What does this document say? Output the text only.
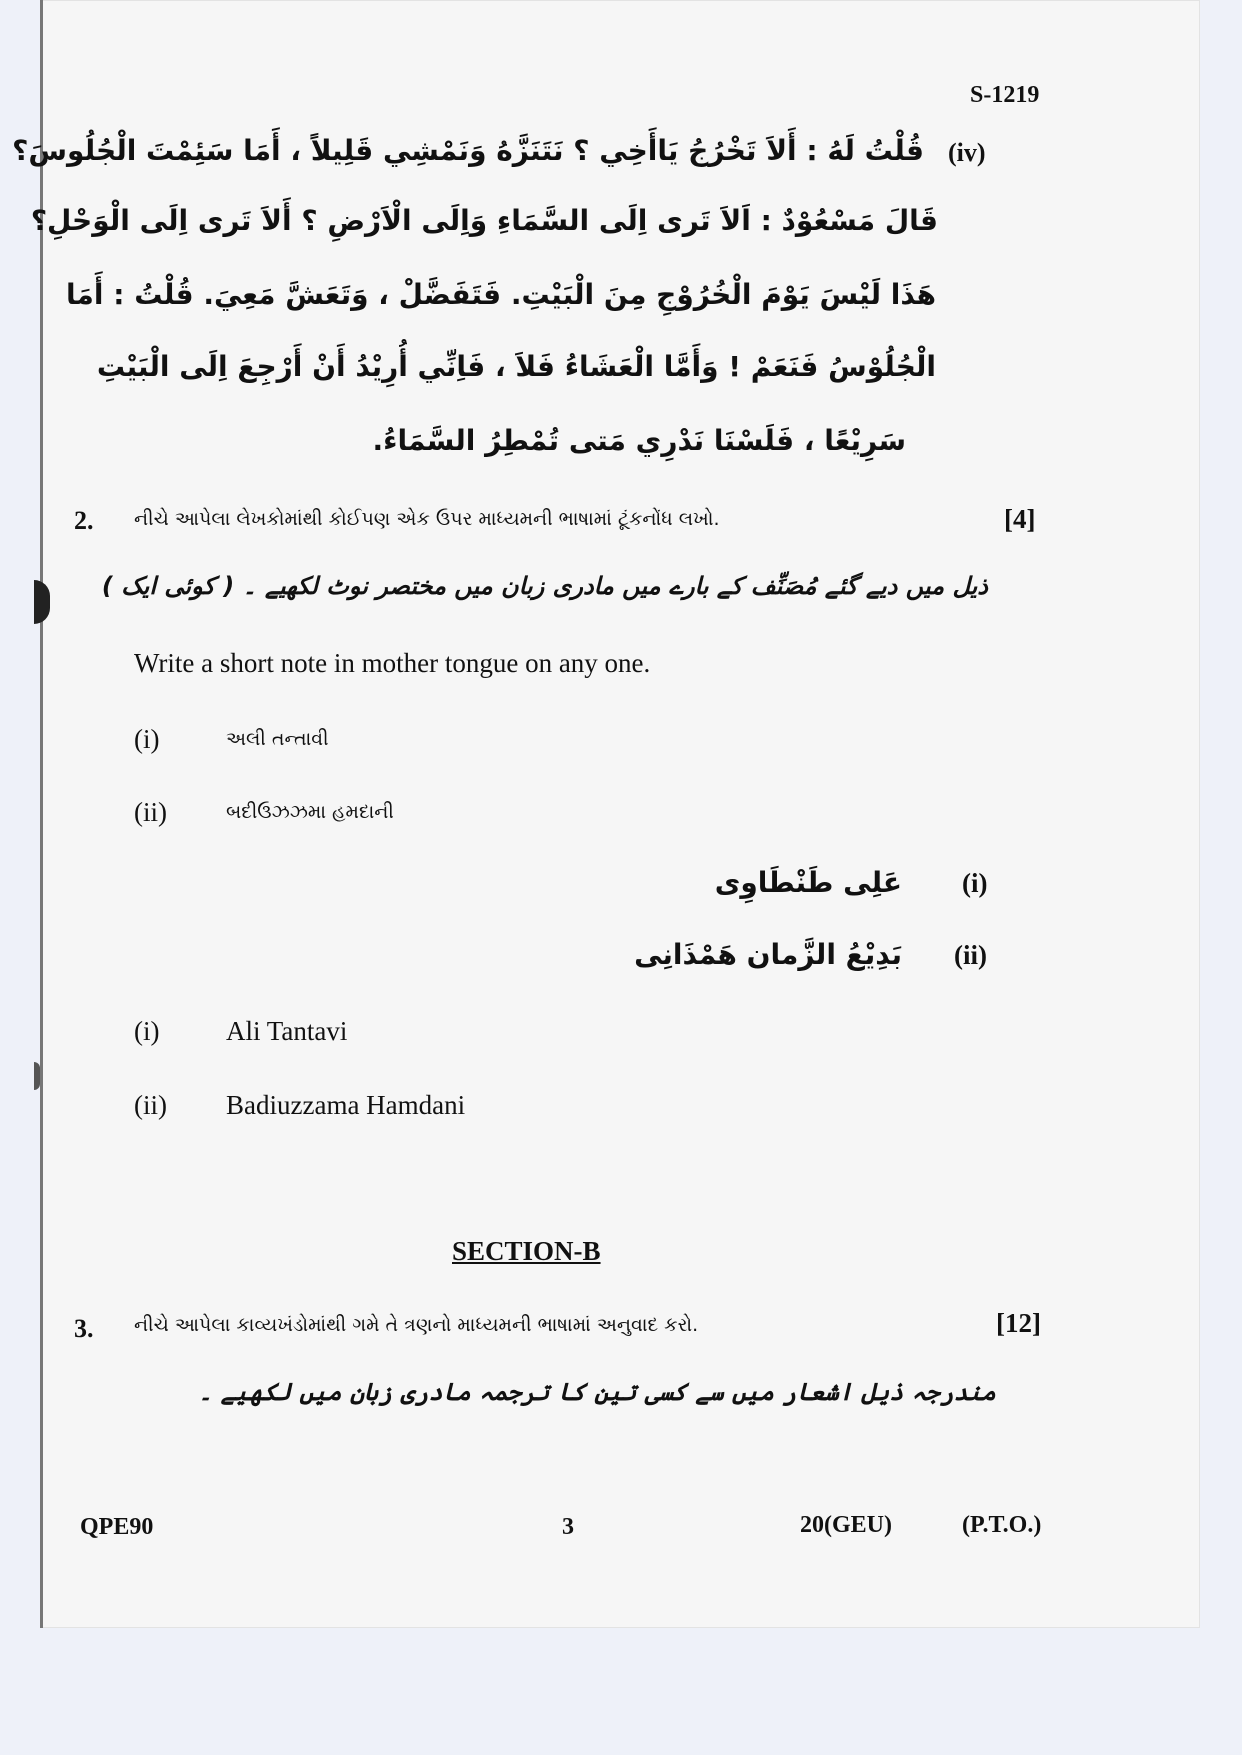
S-1219
(iv)
قُلْتُ لَهُ : أَلاَ تَخْرُجُ يَاأَخِي ؟ نَتَنَزَّهُ وَنَمْشِي قَلِيلاً ، أَمَا سَئِمْتَ الْجُلُوسَ؟
قَالَ مَسْعُوْدٌ : اَلاَ تَرى اِلَى السَّمَاءِ وَاِلَى الْاَرْضِ ؟ أَلاَ تَرى اِلَى الْوَحْلِ؟
هَذَا لَيْسَ يَوْمَ الْخُرُوْجِ مِنَ الْبَيْتِ. فَتَفَضَّلْ ، وَتَعَشَّ مَعِيَ. قُلْتُ : أَمَا
الْجُلُوْسُ فَنَعَمْ ! وَأَمَّا الْعَشَاءُ فَلاَ ، فَاِنِّي أُرِيْدُ أَنْ أَرْجِعَ اِلَى الْبَيْتِ
سَرِيْعًا ، فَلَسْنَا نَدْرِي مَتى تُمْطِرُ السَّمَاءُ.
2. નીચે આપેલા લેખકોમાંથી કોઈપણ એક ઉપર માધ્યમની ભાષામાં ટૂંકનોંધ લખો.	[4]
ذیل میں دیے گئے مُصَنِّف کے بارے میں مادری زبان میں مختصر نوٹ لکھیے ۔ ( کوئی ایک )
Write a short note in mother tongue on any one.
(i)	અલી તન્તાવી
(ii)	બદીઉઝઝમા હમદાની
(i)
عَلِى طَنْطَاوِى
(ii)
بَدِيْعُ الزَّمان هَمْذَانِى
(i) Ali Tantavi
(ii) Badiuzzama Hamdani
SECTION-B
3. નીચે આપેલા કાવ્યખંડોમાંથી ગમે તે ત્રણનો માધ્યમની ભાષામાં અનુવાદ કરો.	[12]
مندرجہ ذیل اشعار میں سے کسی تین کا ترجمہ مادری زبان میں لکھیے ۔
QPE90	3	20(GEU)	(P.T.O.)
